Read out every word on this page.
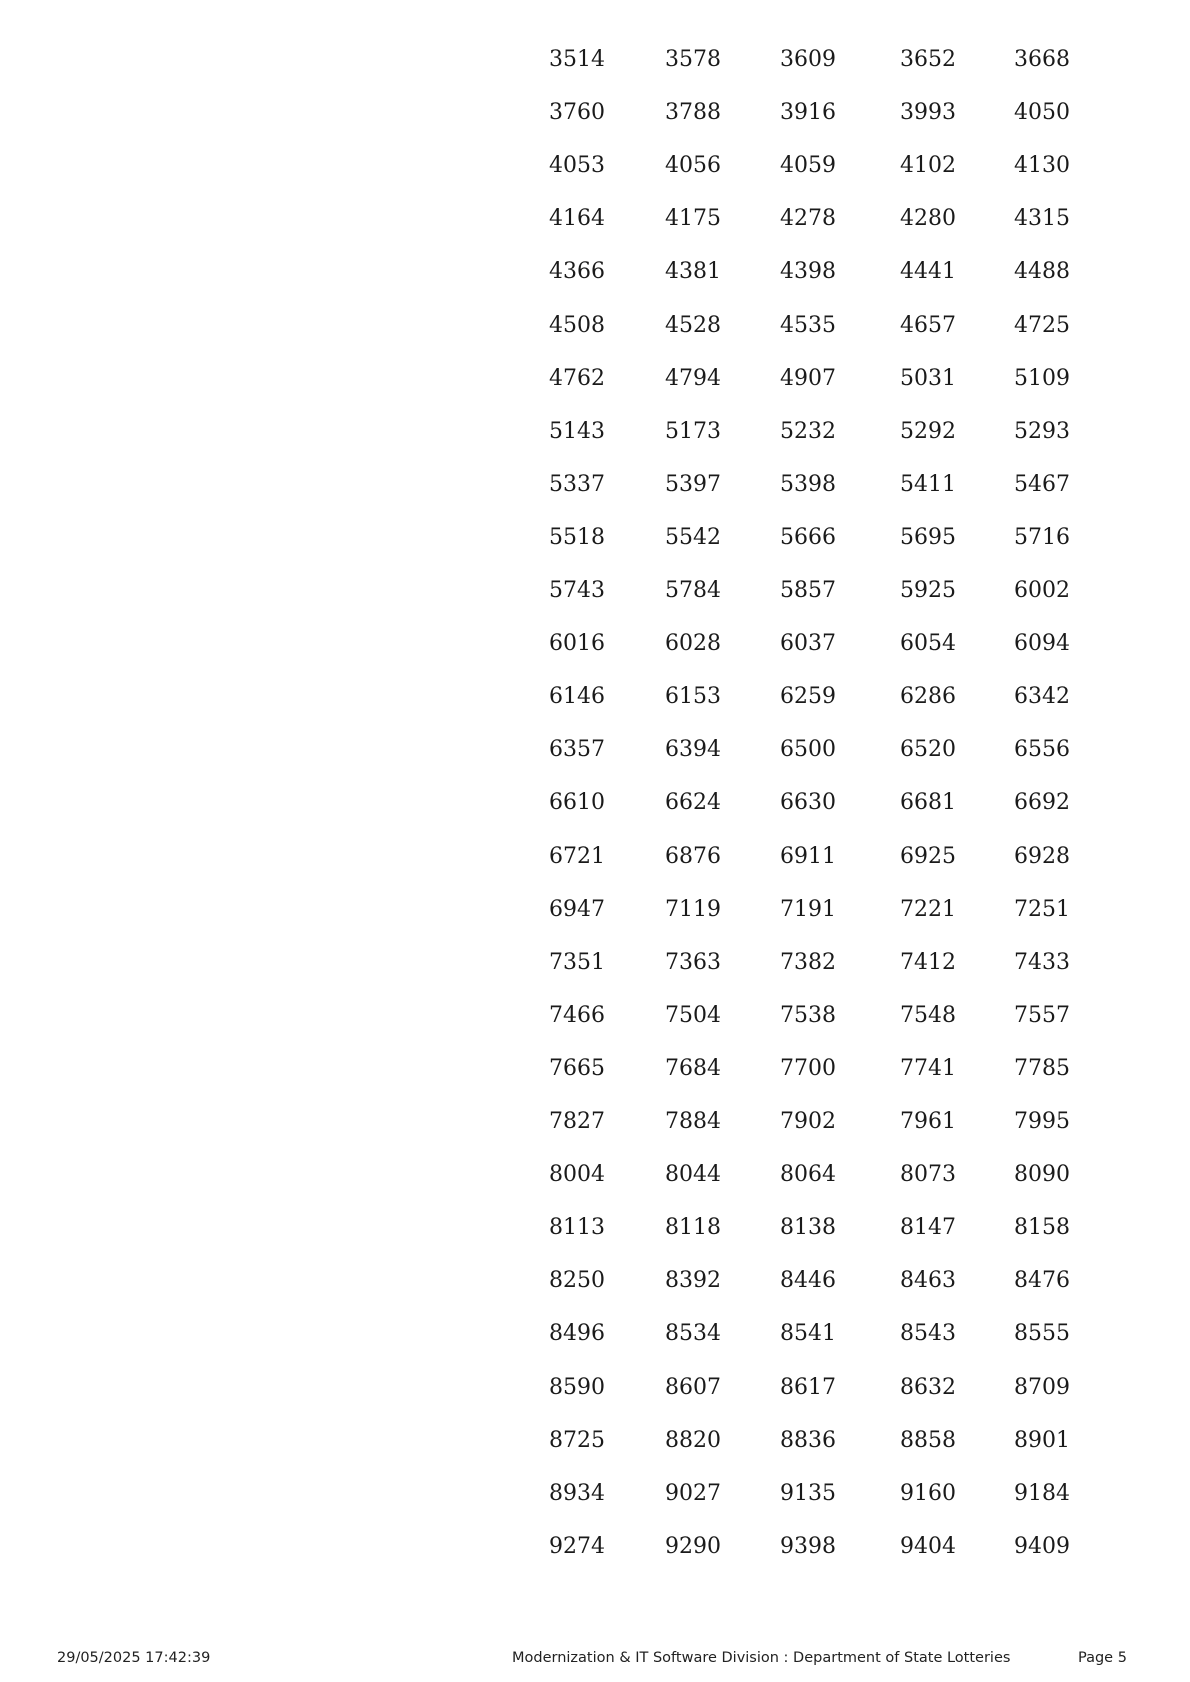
3514	3578	3609	3652	3668
3760	3788	3916	3993	4050
4053	4056	4059	4102	4130
4164	4175	4278	4280	4315
4366	4381	4398	4441	4488
4508	4528	4535	4657	4725
4762	4794	4907	5031	5109
5143	5173	5232	5292	5293
5337	5397	5398	5411	5467
5518	5542	5666	5695	5716
5743	5784	5857	5925	6002
6016	6028	6037	6054	6094
6146	6153	6259	6286	6342
6357	6394	6500	6520	6556
6610	6624	6630	6681	6692
6721	6876	6911	6925	6928
6947	7119	7191	7221	7251
7351	7363	7382	7412	7433
7466	7504	7538	7548	7557
7665	7684	7700	7741	7785
7827	7884	7902	7961	7995
8004	8044	8064	8073	8090
8113	8118	8138	8147	8158
8250	8392	8446	8463	8476
8496	8534	8541	8543	8555
8590	8607	8617	8632	8709
8725	8820	8836	8858	8901
8934	9027	9135	9160	9184
9274	9290	9398	9404	9409
29/05/2025 17:42:39	Modernization & IT Software Division : Department of State Lotteries	Page 5
